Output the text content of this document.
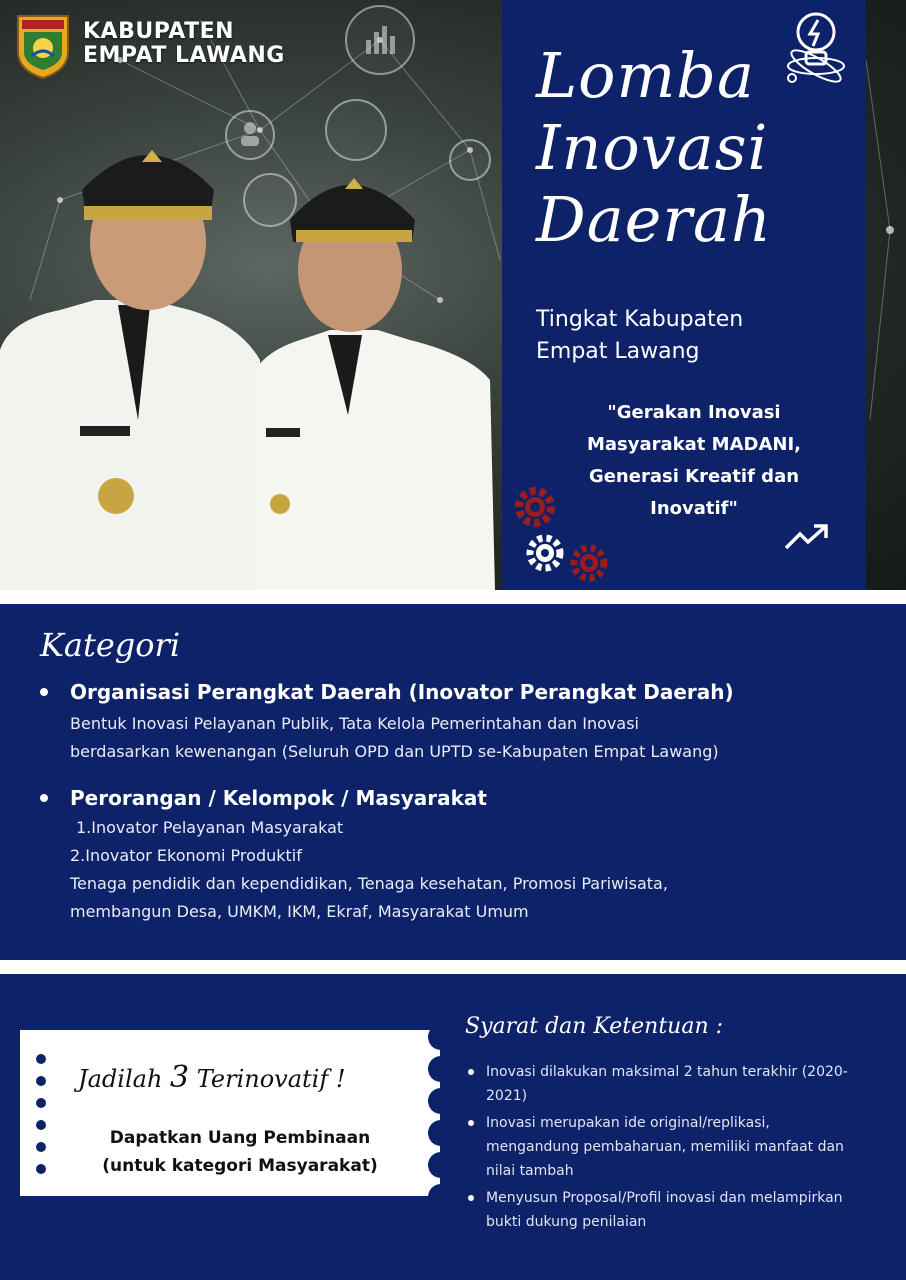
KABUPATEN
EMPAT LAWANG	Lomba
Inovasi
Daerah
Tingkat Kabupaten
Empat Lawang
"Gerakan Inovasi
Masyarakat MADANI,
Generasi Kreatif dan
Inovatif"
Kategori
Organisasi Perangkat Daerah (Inovator Perangkat Daerah)
Bentuk Inovasi Pelayanan Publik, Tata Kelola Pemerintahan dan Inovasi
berdasarkan kewenangan (Seluruh OPD dan UPTD se-Kabupaten Empat Lawang)
Perorangan / Kelompok / Masyarakat
1.Inovator Pelayanan Masyarakat
2.Inovator Ekonomi Produktif
Tenaga pendidik dan kependidikan, Tenaga kesehatan, Promosi Pariwisata,
membangun Desa, UMKM, IKM, Ekraf, Masyarakat Umum
Jadilah 3 Terinovatif !
Dapatkan Uang Pembinaan
(untuk kategori Masyarakat)
Syarat dan Ketentuan :
Inovasi dilakukan maksimal 2 tahun terakhir (2020-2021)
Inovasi merupakan ide original/replikasi, mengandung pembaharuan, memiliki manfaat dan nilai tambah
Menyusun Proposal/Profil inovasi dan melampirkan bukti dukung penilaian
